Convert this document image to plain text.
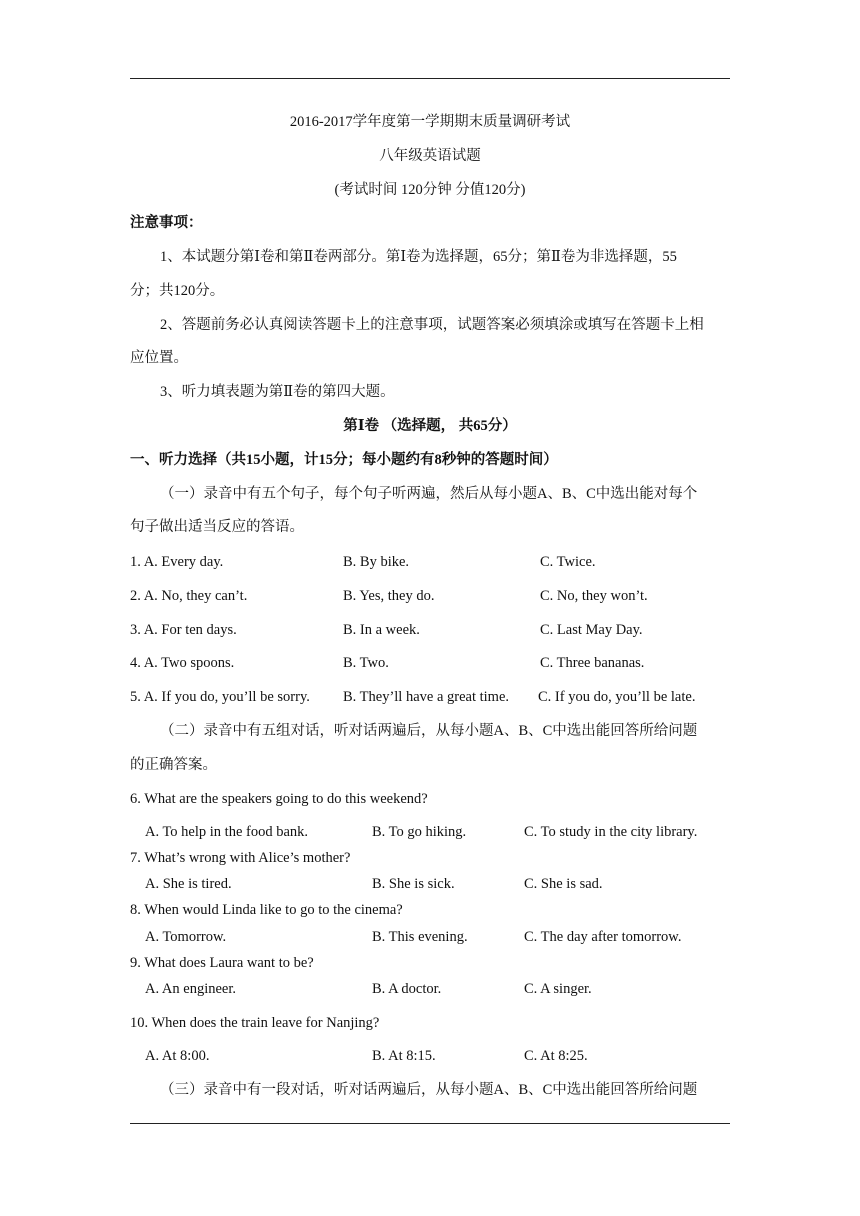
2016-2017学年度第一学期期末质量调研考试
八年级英语试题
(考试时间 120分钟 分值120分)
注意事项：
1、本试题分第Ⅰ卷和第Ⅱ卷两部分。第Ⅰ卷为选择题，65分；第Ⅱ卷为非选择题，55
分；共120分。
2、答题前务必认真阅读答题卡上的注意事项，试题答案必须填涂或填写在答题卡上相
应位置。
3、听力填表题为第Ⅱ卷的第四大题。
第Ⅰ卷 （选择题， 共65分）
一、听力选择（共15小题，计15分；每小题约有8秒钟的答题时间）
（一）录音中有五个句子，每个句子听两遍，然后从每小题A、B、C中选出能对每个
句子做出适当反应的答语。
1. A. Every day.	B. By bike.	C. Twice.
2. A. No, they can’t.	B. Yes, they do.	C. No, they won’t.
3. A. For ten days.	B. In a week.	C. Last May Day.
4. A. Two spoons.	B. Two.	C. Three bananas.
5. A. If you do, you’ll be sorry. B. They’ll have a great time. C. If you do, you’ll be late.
（二）录音中有五组对话，听对话两遍后，从每小题A、B、C中选出能回答所给问题
的正确答案。
6. What are the speakers going to do this weekend?
A. To help in the food bank.	B. To go hiking.	C. To study in the city library.
7. What’s wrong with Alice’s mother?
A. She is tired.	B. She is sick.	C. She is sad.
8. When would Linda like to go to the cinema?
A. Tomorrow.	B. This evening.	C. The day after tomorrow.
9. What does Laura want to be?
A. An engineer.	B. A doctor.	C. A singer.
10. When does the train leave for Nanjing?
A. At 8:00.	B. At 8:15.	C. At 8:25.
（三）录音中有一段对话，听对话两遍后，从每小题A、B、C中选出能回答所给问题
